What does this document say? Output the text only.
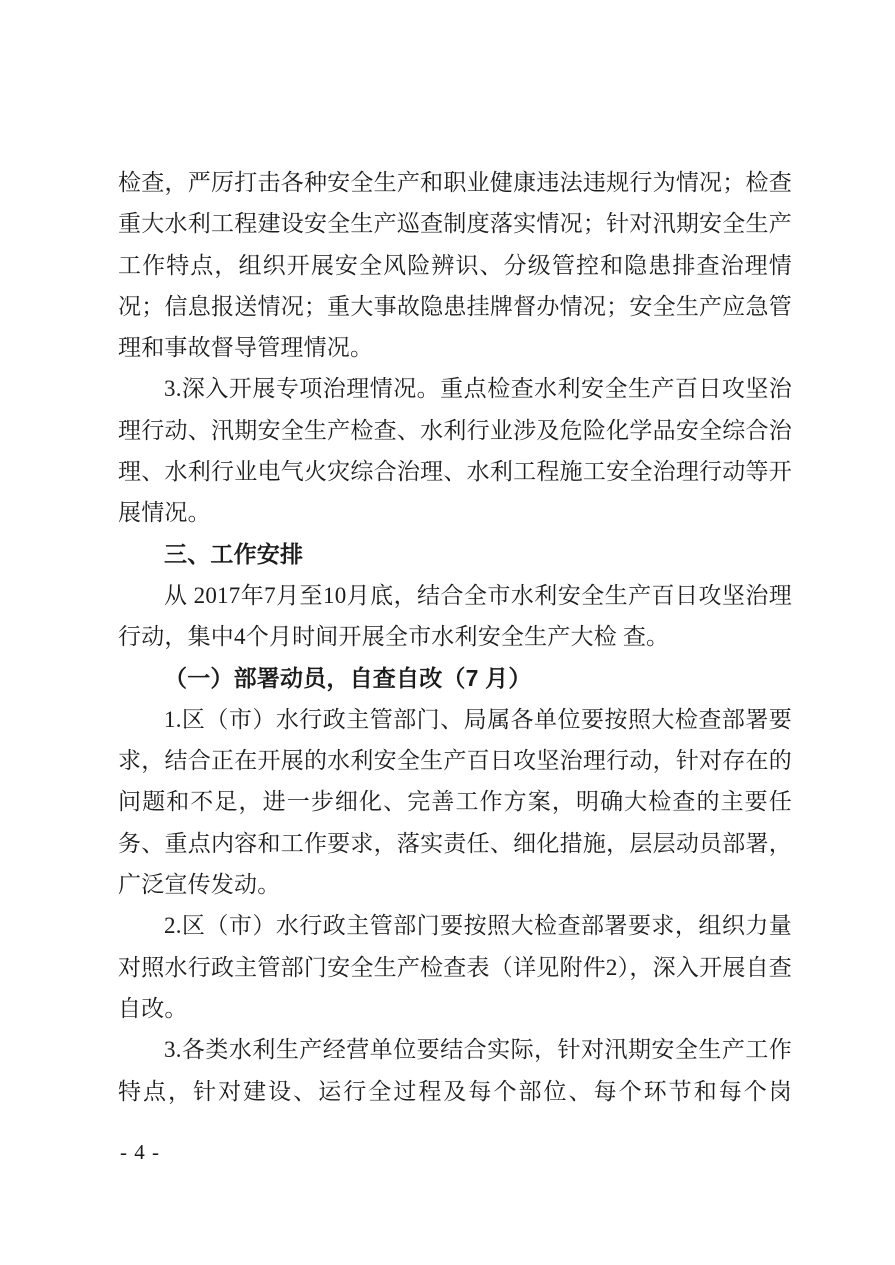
检查，严厉打击各种安全生产和职业健康违法违规行为情况；检查重大水利工程建设安全生产巡查制度落实情况；针对汛期安全生产工作特点，组织开展安全风险辨识、分级管控和隐患排查治理情况；信息报送情况；重大事故隐患挂牌督办情况；安全生产应急管理和事故督导管理情况。

3.深入开展专项治理情况。重点检查水利安全生产百日攻坚治理行动、汛期安全生产检查、水利行业涉及危险化学品安全综合治理、水利行业电气火灾综合治理、水利工程施工安全治理行动等开展情况。

三、工作安排

从 2017年7月至10月底，结合全市水利安全生产百日攻坚治理行动，集中4个月时间开展全市水利安全生产大检 查。

（一）部署动员，自查自改（7 月）

1.区（市）水行政主管部门、局属各单位要按照大检查部署要求，结合正在开展的水利安全生产百日攻坚治理行动，针对存在的问题和不足，进一步细化、完善工作方案，明确大检查的主要任务、重点内容和工作要求，落实责任、细化措施，层层动员部署，广泛宣传发动。

2.区（市）水行政主管部门要按照大检查部署要求，组织力量对照水行政主管部门安全生产检查表（详见附件2），深入开展自查自改。

3.各类水利生产经营单位要结合实际，针对汛期安全生产工作特点，针对建设、运行全过程及每个部位、每个环节和每个岗

- 4 -
